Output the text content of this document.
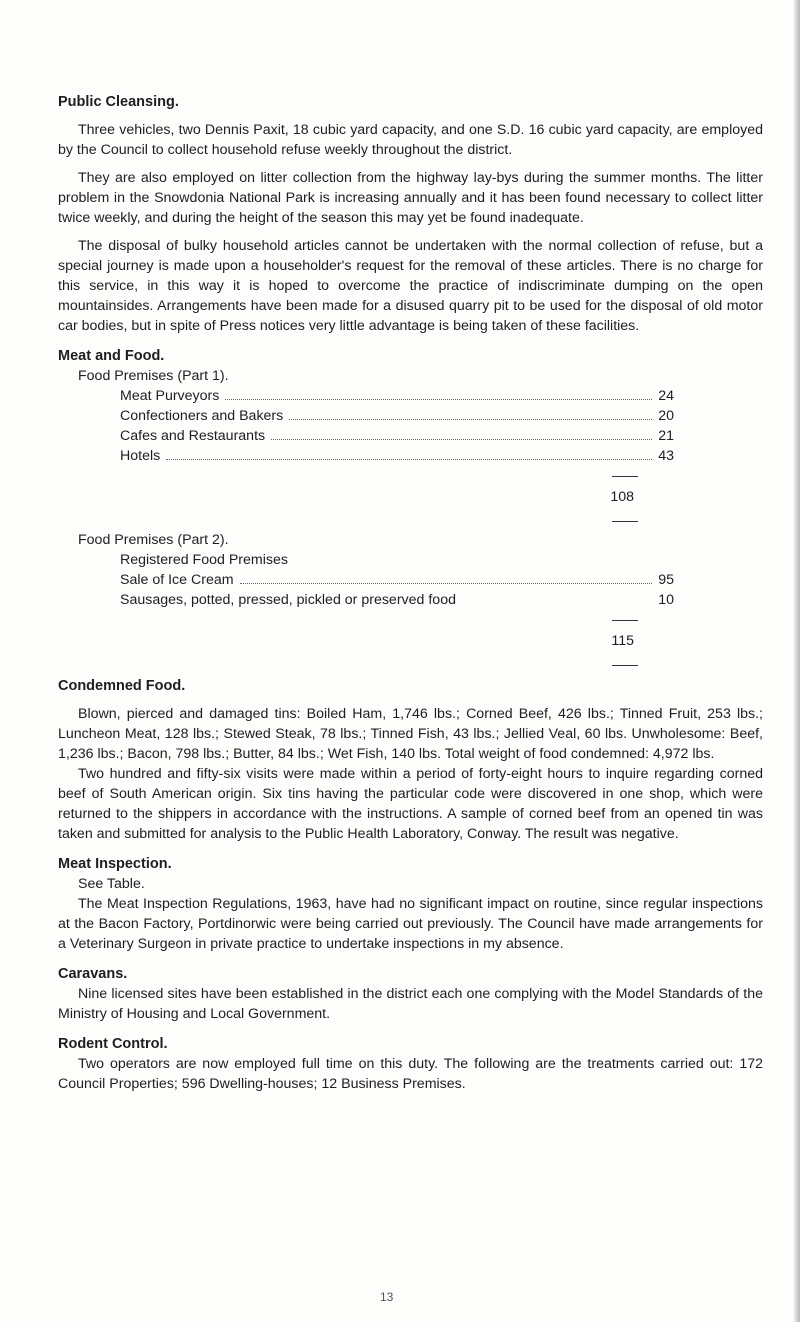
Public Cleansing.

Three vehicles, two Dennis Paxit, 18 cubic yard capacity, and one S.D. 16 cubic yard capacity, are employed by the Council to collect household refuse weekly throughout the district.

They are also employed on litter collection from the highway lay-bys during the summer months. The litter problem in the Snowdonia National Park is increasing annually and it has been found necessary to collect litter twice weekly, and during the height of the season this may yet be found inadequate.

The disposal of bulky household articles cannot be undertaken with the normal collection of refuse, but a special journey is made upon a householder's request for the removal of these articles. There is no charge for this service, in this way it is hoped to overcome the practice of indiscriminate dumping on the open mountainsides. Arrangements have been made for a disused quarry pit to be used for the disposal of old motor car bodies, but in spite of Press notices very little advantage is being taken of these facilities.

Meat and Food.
Food Premises (Part 1).
Meat Purveyors	24
Confectioners and Bakers	20
Cafes and Restaurants	21
Hotels	43
108
Food Premises (Part 2).
Registered Food Premises
Sale of Ice Cream	95
Sausages, potted, pressed, pickled or preserved food	10
115
Condemned Food.

Blown, pierced and damaged tins: Boiled Ham, 1,746 lbs.; Corned Beef, 426 lbs.; Tinned Fruit, 253 lbs.; Luncheon Meat, 128 lbs.; Stewed Steak, 78 lbs.; Tinned Fish, 43 lbs.; Jellied Veal, 60 lbs. Unwholesome: Beef, 1,236 lbs.; Bacon, 798 lbs.; Butter, 84 lbs.; Wet Fish, 140 lbs. Total weight of food condemned: 4,972 lbs.

Two hundred and fifty-six visits were made within a period of forty-eight hours to inquire regarding corned beef of South American origin. Six tins having the particular code were discovered in one shop, which were returned to the shippers in accordance with the instructions. A sample of corned beef from an opened tin was taken and submitted for analysis to the Public Health Laboratory, Conway. The result was negative.

Meat Inspection.

See Table.

The Meat Inspection Regulations, 1963, have had no significant impact on routine, since regular inspections at the Bacon Factory, Portdinorwic were being carried out previously. The Council have made arrangements for a Veterinary Surgeon in private practice to undertake inspections in my absence.

Caravans.

Nine licensed sites have been established in the district each one complying with the Model Standards of the Ministry of Housing and Local Government.

Rodent Control.

Two operators are now employed full time on this duty. The following are the treatments carried out: 172 Council Properties; 596 Dwelling-houses; 12 Business Premises.

13
